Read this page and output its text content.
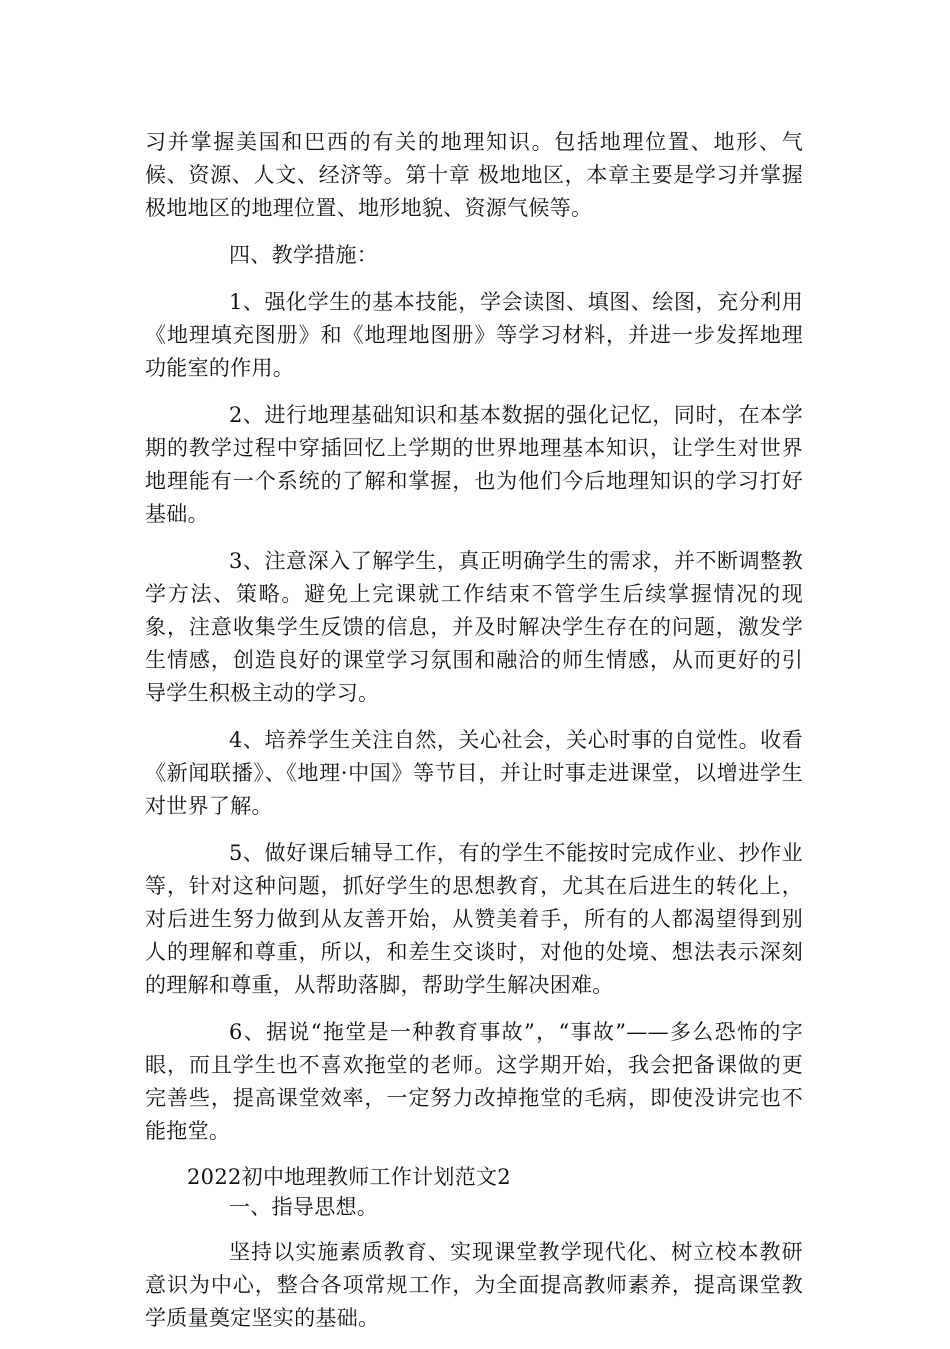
习并掌握美国和巴西的有关的地理知识。包括地理位置、地形、气候、资源、人文、经济等。第十章 极地地区，本章主要是学习并掌握极地地区的地理位置、地形地貌、资源气候等。

四、教学措施：

1、强化学生的基本技能，学会读图、填图、绘图，充分利用《地理填充图册》和《地理地图册》等学习材料，并进一步发挥地理功能室的作用。

2、进行地理基础知识和基本数据的强化记忆，同时，在本学期的教学过程中穿插回忆上学期的世界地理基本知识，让学生对世界地理能有一个系统的了解和掌握，也为他们今后地理知识的学习打好基础。

3、注意深入了解学生，真正明确学生的需求，并不断调整教学方法、策略。避免上完课就工作结束不管学生后续掌握情况的现象，注意收集学生反馈的信息，并及时解决学生存在的问题，激发学生情感，创造良好的课堂学习氛围和融洽的师生情感，从而更好的引导学生积极主动的学习。

4、培养学生关注自然，关心社会，关心时事的自觉性。收看《新闻联播》、《地理·中国》等节目，并让时事走进课堂，以增进学生对世界了解。

5、做好课后辅导工作，有的学生不能按时完成作业、抄作业等，针对这种问题，抓好学生的思想教育，尤其在后进生的转化上，对后进生努力做到从友善开始，从赞美着手，所有的人都渴望得到别人的理解和尊重，所以，和差生交谈时，对他的处境、想法表示深刻的理解和尊重，从帮助落脚，帮助学生解决困难。

6、据说“拖堂是一种教育事故”，“事故”——多么恐怖的字眼，而且学生也不喜欢拖堂的老师。这学期开始，我会把备课做的更完善些，提高课堂效率，一定努力改掉拖堂的毛病，即使没讲完也不能拖堂。

2022初中地理教师工作计划范文2
一、指导思想。

坚持以实施素质教育、实现课堂教学现代化、树立校本教研意识为中心，整合各项常规工作，为全面提高教师素养，提高课堂教学质量奠定坚实的基础。
